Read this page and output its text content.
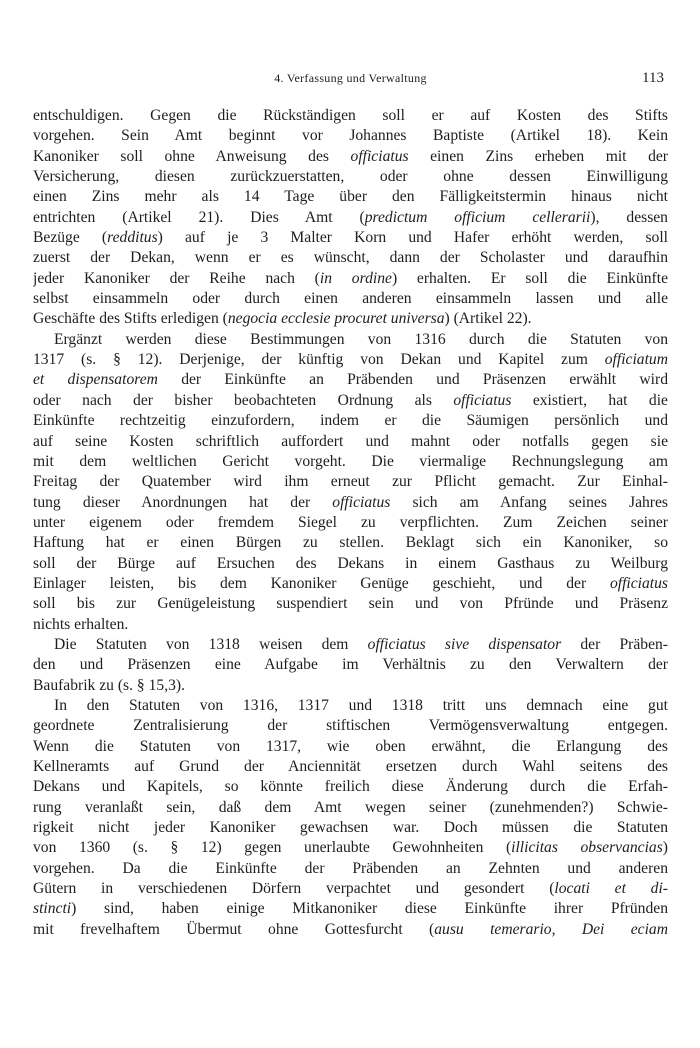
4. Verfassung und Verwaltung	113
entschuldigen. Gegen die Rückständigen soll er auf Kosten des Stifts
vorgehen. Sein Amt beginnt vor Johannes Baptiste (Artikel 18). Kein
Kanoniker soll ohne Anweisung des officiatus einen Zins erheben mit der
Versicherung, diesen zurückzuerstatten, oder ohne dessen Einwilligung
einen Zins mehr als 14 Tage über den Fälligkeitstermin hinaus nicht
entrichten (Artikel 21). Dies Amt (predictum officium cellerarii), dessen
Bezüge (redditus) auf je 3 Malter Korn und Hafer erhöht werden, soll
zuerst der Dekan, wenn er es wünscht, dann der Scholaster und daraufhin
jeder Kanoniker der Reihe nach (in ordine) erhalten. Er soll die Einkünfte
selbst einsammeln oder durch einen anderen einsammeln lassen und alle
Geschäfte des Stifts erledigen (negocia ecclesie procuret universa) (Artikel 22).
Ergänzt werden diese Bestimmungen von 1316 durch die Statuten von
1317 (s. § 12). Derjenige, der künftig von Dekan und Kapitel zum officiatum
et dispensatorem der Einkünfte an Präbenden und Präsenzen erwählt wird
oder nach der bisher beobachteten Ordnung als officiatus existiert, hat die
Einkünfte rechtzeitig einzufordern, indem er die Säumigen persönlich und
auf seine Kosten schriftlich auffordert und mahnt oder notfalls gegen sie
mit dem weltlichen Gericht vorgeht. Die viermalige Rechnungslegung am
Freitag der Quatember wird ihm erneut zur Pflicht gemacht. Zur Einhal-
tung dieser Anordnungen hat der officiatus sich am Anfang seines Jahres
unter eigenem oder fremdem Siegel zu verpflichten. Zum Zeichen seiner
Haftung hat er einen Bürgen zu stellen. Beklagt sich ein Kanoniker, so
soll der Bürge auf Ersuchen des Dekans in einem Gasthaus zu Weilburg
Einlager leisten, bis dem Kanoniker Genüge geschieht, und der officiatus
soll bis zur Genügeleistung suspendiert sein und von Pfründe und Präsenz
nichts erhalten.
Die Statuten von 1318 weisen dem officiatus sive dispensator der Präben-
den und Präsenzen eine Aufgabe im Verhältnis zu den Verwaltern der
Baufabrik zu (s. § 15,3).
In den Statuten von 1316, 1317 und 1318 tritt uns demnach eine gut
geordnete Zentralisierung der stiftischen Vermögensverwaltung entgegen.
Wenn die Statuten von 1317, wie oben erwähnt, die Erlangung des
Kellneramts auf Grund der Anciennität ersetzen durch Wahl seitens des
Dekans und Kapitels, so könnte freilich diese Änderung durch die Erfah-
rung veranlaßt sein, daß dem Amt wegen seiner (zunehmenden?) Schwie-
rigkeit nicht jeder Kanoniker gewachsen war. Doch müssen die Statuten
von 1360 (s. § 12) gegen unerlaubte Gewohnheiten (illicitas observancias)
vorgehen. Da die Einkünfte der Präbenden an Zehnten und anderen
Gütern in verschiedenen Dörfern verpachtet und gesondert (locati et di-
stincti) sind, haben einige Mitkanoniker diese Einkünfte ihrer Pfründen
mit frevelhaftem Übermut ohne Gottesfurcht (ausu temerario, Dei eciam
